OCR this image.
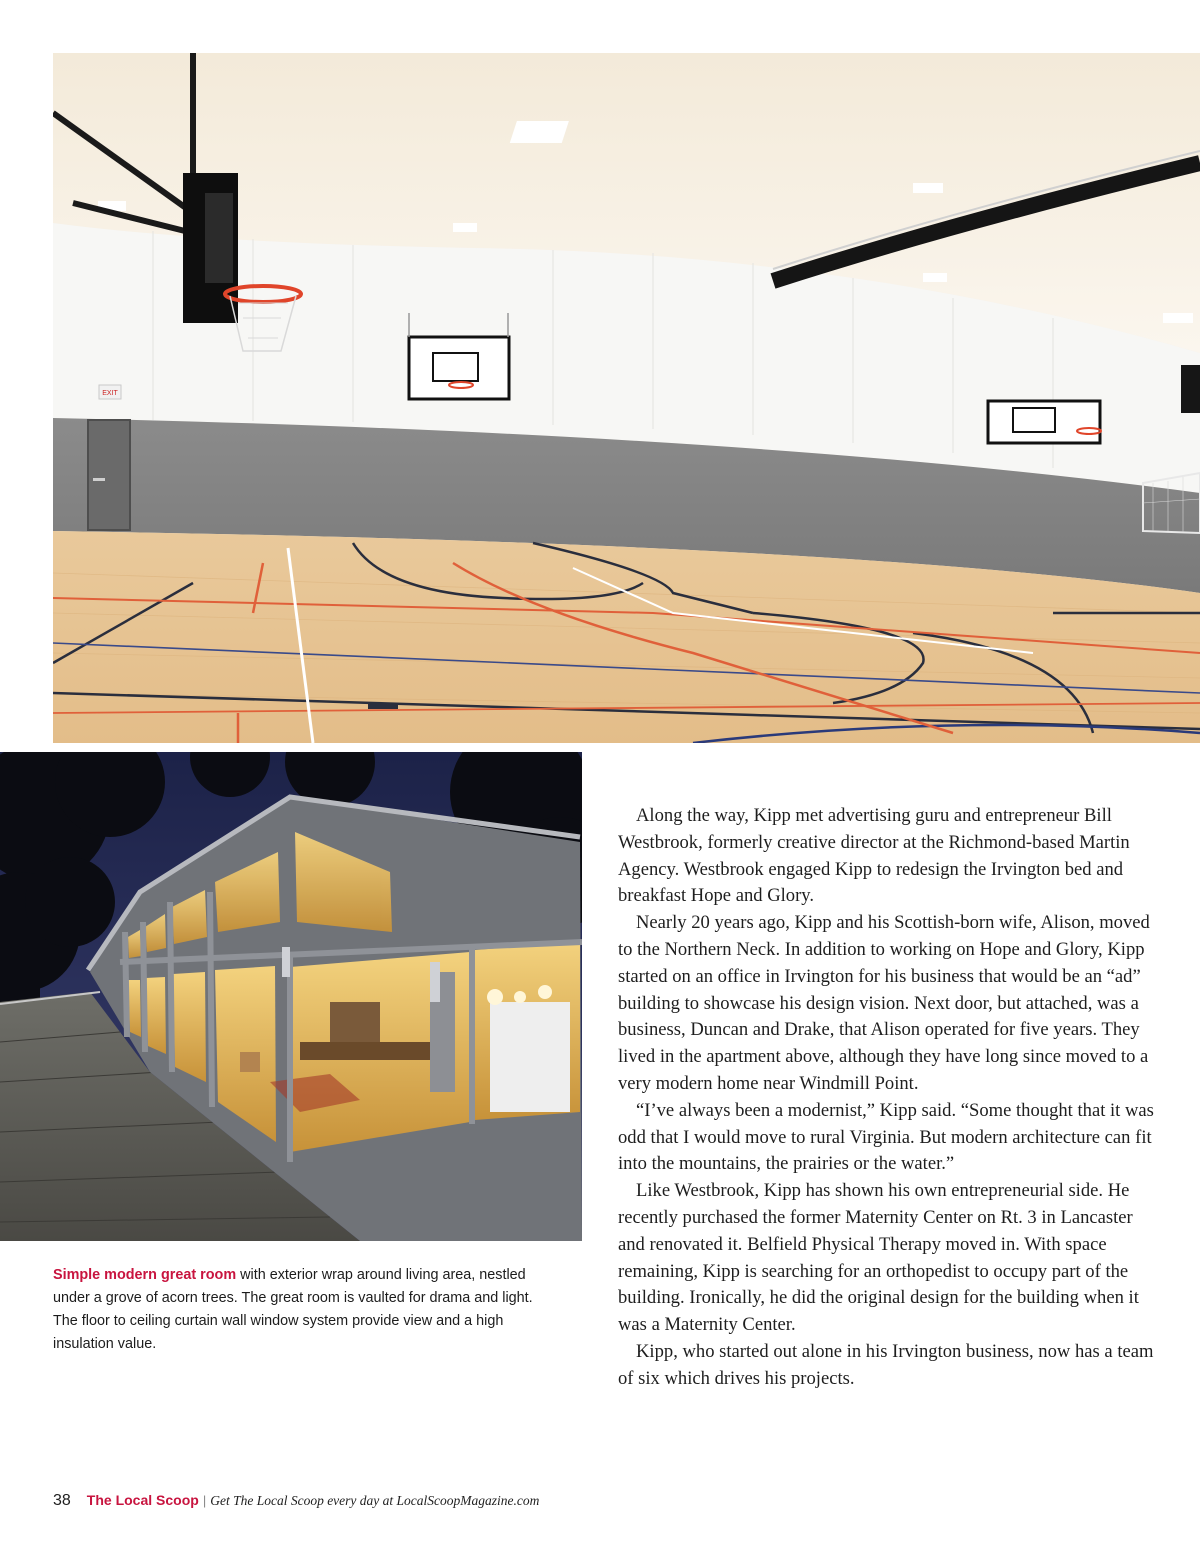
EXIT
Simple modern great room with exterior wrap around living area, nestled under a grove of acorn trees. The great room is vaulted for drama and light. The floor to ceiling curtain wall window system provide view and a high insulation value.

Along the way, Kipp met advertising guru and entrepreneur Bill Westbrook, formerly creative director at the Richmond-based Martin Agency. Westbrook engaged Kipp to redesign the Irvington bed and breakfast Hope and Glory.

Nearly 20 years ago, Kipp and his Scottish-born wife, Alison, moved to the Northern Neck. In addition to working on Hope and Glory, Kipp started on an office in Irvington for his business that would be an “ad” building to showcase his design vision. Next door, but attached, was a business, Duncan and Drake, that Alison operated for five years. They lived in the apartment above, although they have long since moved to a very modern home near Windmill Point.

“I’ve always been a modernist,” Kipp said. “Some thought that it was odd that I would move to rural Virginia. But modern architecture can fit into the mountains, the prairies or the water.”

Like Westbrook, Kipp has shown his own entrepreneurial side. He recently purchased the former Maternity Center on Rt. 3 in Lancaster and renovated it. Belfield Physical Therapy moved in. With space remaining, Kipp is searching for an orthopedist to occupy part of the building. Ironically, he did the original design for the building when it was a Maternity Center.

Kipp, who started out alone in his Irvington business, now has a team of six which drives his projects.

38 The Local Scoop | Get The Local Scoop every day at LocalScoopMagazine.com
